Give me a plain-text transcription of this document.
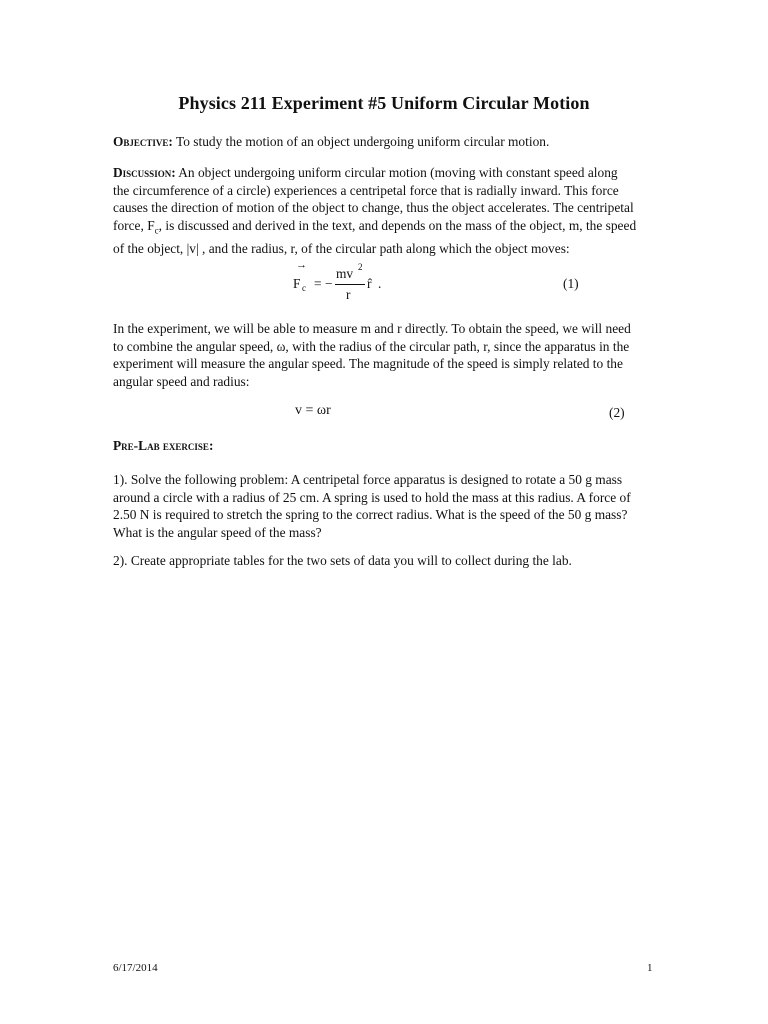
Physics 211 Experiment #5 Uniform Circular Motion
Objective: To study the motion of an object undergoing uniform circular motion.
Discussion: An object undergoing uniform circular motion (moving with constant speed along
the circumference of a circle) experiences a centripetal force that is radially inward. This force
causes the direction of motion of the object to change, thus the object accelerates. The centripetal
force, $F_c$, is discussed and derived in the text, and depends on the mass of the object, m, the speed
of the object, |v| , and the radius, r, of the circular path along which the object moves:
→
F c = −
mv 2
r
r̂ .	(1)
In the experiment, we will be able to measure m and r directly. To obtain the speed, we will need
to combine the angular speed, ω, with the radius of the circular path, r, since the apparatus in the
experiment will measure the angular speed. The magnitude of the speed is simply related to the
angular speed and radius:
v = ωr	(2)
Pre-Lab exercise:
1). Solve the following problem: A centripetal force apparatus is designed to rotate a 50 g mass
around a circle with a radius of 25 cm. A spring is used to hold the mass at this radius. A force of
2.50 N is required to stretch the spring to the correct radius. What is the speed of the 50 g mass?
What is the angular speed of the mass?
2). Create appropriate tables for the two sets of data you will to collect during the lab.
6/17/2014	1
